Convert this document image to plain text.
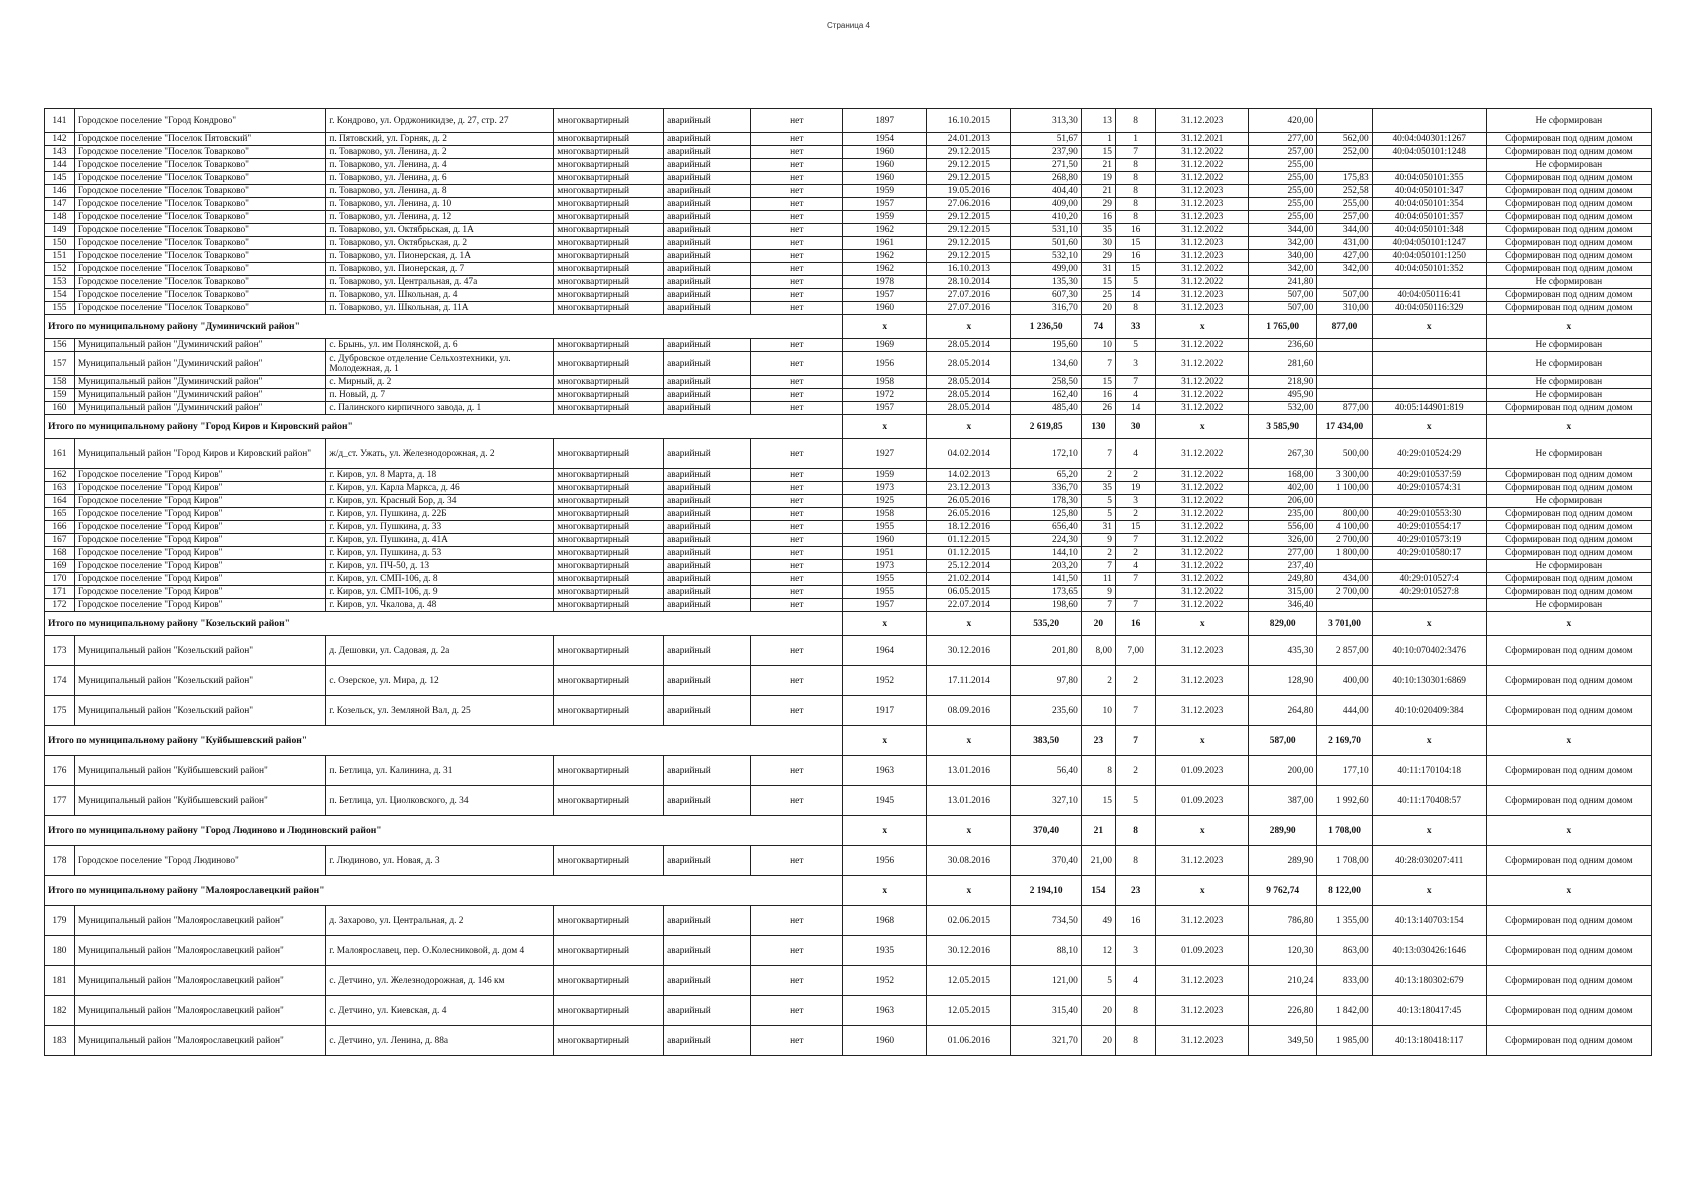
Страница 4
141	Городское поселение "Город Кондрово"	г. Кондрово, ул. Орджоникидзе, д. 27, стр. 27	многоквартирный	аварийный	нет	1897	16.10.2015	313,30	13	8	31.12.2023	420,00			Не сформирован
142	Городское поселение "Поселок Пятовский"	п. Пятовский, ул. Горняк, д. 2	многоквартирный	аварийный	нет	1954	24.01.2013	51,67	1	1	31.12.2021	277,00	562,00	40:04:040301:1267	Сформирован под одним домом
143	Городское поселение "Поселок Товарково"	п. Товарково, ул. Ленина, д. 2	многоквартирный	аварийный	нет	1960	29.12.2015	237,90	15	7	31.12.2022	257,00	252,00	40:04:050101:1248	Сформирован под одним домом
144	Городское поселение "Поселок Товарково"	п. Товарково, ул. Ленина, д. 4	многоквартирный	аварийный	нет	1960	29.12.2015	271,50	21	8	31.12.2022	255,00			Не сформирован
145	Городское поселение "Поселок Товарково"	п. Товарково, ул. Ленина, д. 6	многоквартирный	аварийный	нет	1960	29.12.2015	268,80	19	8	31.12.2022	255,00	175,83	40:04:050101:355	Сформирован под одним домом
146	Городское поселение "Поселок Товарково"	п. Товарково, ул. Ленина, д. 8	многоквартирный	аварийный	нет	1959	19.05.2016	404,40	21	8	31.12.2023	255,00	252,58	40:04:050101:347	Сформирован под одним домом
147	Городское поселение "Поселок Товарково"	п. Товарково, ул. Ленина, д. 10	многоквартирный	аварийный	нет	1957	27.06.2016	409,00	29	8	31.12.2023	255,00	255,00	40:04:050101:354	Сформирован под одним домом
148	Городское поселение "Поселок Товарково"	п. Товарково, ул. Ленина, д. 12	многоквартирный	аварийный	нет	1959	29.12.2015	410,20	16	8	31.12.2023	255,00	257,00	40:04:050101:357	Сформирован под одним домом
149	Городское поселение "Поселок Товарково"	п. Товарково, ул. Октябрьская, д. 1А	многоквартирный	аварийный	нет	1962	29.12.2015	531,10	35	16	31.12.2022	344,00	344,00	40:04:050101:348	Сформирован под одним домом
150	Городское поселение "Поселок Товарково"	п. Товарково, ул. Октябрьская, д. 2	многоквартирный	аварийный	нет	1961	29.12.2015	501,60	30	15	31.12.2023	342,00	431,00	40:04:050101:1247	Сформирован под одним домом
151	Городское поселение "Поселок Товарково"	п. Товарково, ул. Пионерская, д. 1А	многоквартирный	аварийный	нет	1962	29.12.2015	532,10	29	16	31.12.2023	340,00	427,00	40:04:050101:1250	Сформирован под одним домом
152	Городское поселение "Поселок Товарково"	п. Товарково, ул. Пионерская, д. 7	многоквартирный	аварийный	нет	1962	16.10.2013	499,00	31	15	31.12.2022	342,00	342,00	40:04:050101:352	Сформирован под одним домом
153	Городское поселение "Поселок Товарково"	п. Товарково, ул. Центральная, д. 47а	многоквартирный	аварийный	нет	1978	28.10.2014	135,30	15	5	31.12.2022	241,80			Не сформирован
154	Городское поселение "Поселок Товарково"	п. Товарково, ул. Школьная, д. 4	многоквартирный	аварийный	нет	1957	27.07.2016	607,30	25	14	31.12.2023	507,00	507,00	40:04:050116:41	Сформирован под одним домом
155	Городское поселение "Поселок Товарково"	п. Товарково, ул. Школьная, д. 11А	многоквартирный	аварийный	нет	1960	27.07.2016	316,70	20	8	31.12.2023	507,00	310,00	40:04:050116:329	Сформирован под одним домом
Итого по муниципальному району "Думиничский район"						х	х	1 236,50	74	33	х	1 765,00	877,00	х	х
156	Муниципальный район "Думиничский район"	с. Брынь, ул. им Полянской, д. 6	многоквартирный	аварийный	нет	1969	28.05.2014	195,60	10	5	31.12.2022	236,60			Не сформирован
157	Муниципальный район "Думиничский район"	с. Дубровское отделение Сельхозтехники, ул. Молодежная, д. 1	многоквартирный	аварийный	нет	1956	28.05.2014	134,60	7	3	31.12.2022	281,60			Не сформирован
158	Муниципальный район "Думиничский район"	с. Мирный, д. 2	многоквартирный	аварийный	нет	1958	28.05.2014	258,50	15	7	31.12.2022	218,90			Не сформирован
159	Муниципальный район "Думиничский район"	п. Новый, д. 7	многоквартирный	аварийный	нет	1972	28.05.2014	162,40	16	4	31.12.2022	495,90			Не сформирован
160	Муниципальный район "Думиничский район"	с. Палинского кирпичного завода, д. 1	многоквартирный	аварийный	нет	1957	28.05.2014	485,40	26	14	31.12.2022	532,00	877,00	40:05:144901:819	Сформирован под одним домом
Итого по муниципальному району "Город Киров и Кировский район"						х	х	2 619,85	130	30	х	3 585,90	17 434,00	х	х
161	Муниципальный район "Город Киров и Кировский район"	ж/д_ст. Ужать, ул. Железнодорожная, д. 2	многоквартирный	аварийный	нет	1927	04.02.2014	172,10	7	4	31.12.2022	267,30	500,00	40:29:010524:29	Не сформирован
162	Городское поселение "Город Киров"	г. Киров, ул. 8 Марта, д. 18	многоквартирный	аварийный	нет	1959	14.02.2013	65,20	2	2	31.12.2022	168,00	3 300,00	40:29:010537:59	Сформирован под одним домом
163	Городское поселение "Город Киров"	г. Киров, ул. Карла Маркса, д. 46	многоквартирный	аварийный	нет	1973	23.12.2013	336,70	35	19	31.12.2022	402,00	1 100,00	40:29:010574:31	Сформирован под одним домом
164	Городское поселение "Город Киров"	г. Киров, ул. Красный Бор, д. 34	многоквартирный	аварийный	нет	1925	26.05.2016	178,30	5	3	31.12.2022	206,00			Не сформирован
165	Городское поселение "Город Киров"	г. Киров, ул. Пушкина, д. 22Б	многоквартирный	аварийный	нет	1958	26.05.2016	125,80	5	2	31.12.2022	235,00	800,00	40:29:010553:30	Сформирован под одним домом
166	Городское поселение "Город Киров"	г. Киров, ул. Пушкина, д. 33	многоквартирный	аварийный	нет	1955	18.12.2016	656,40	31	15	31.12.2022	556,00	4 100,00	40:29:010554:17	Сформирован под одним домом
167	Городское поселение "Город Киров"	г. Киров, ул. Пушкина, д. 41А	многоквартирный	аварийный	нет	1960	01.12.2015	224,30	9	7	31.12.2022	326,00	2 700,00	40:29:010573:19	Сформирован под одним домом
168	Городское поселение "Город Киров"	г. Киров, ул. Пушкина, д. 53	многоквартирный	аварийный	нет	1951	01.12.2015	144,10	2	2	31.12.2022	277,00	1 800,00	40:29:010580:17	Сформирован под одним домом
169	Городское поселение "Город Киров"	г. Киров, ул. ПЧ-50, д. 13	многоквартирный	аварийный	нет	1973	25.12.2014	203,20	7	4	31.12.2022	237,40			Не сформирован
170	Городское поселение "Город Киров"	г. Киров, ул. СМП-106, д. 8	многоквартирный	аварийный	нет	1955	21.02.2014	141,50	11	7	31.12.2022	249,80	434,00	40:29:010527:4	Сформирован под одним домом
171	Городское поселение "Город Киров"	г. Киров, ул. СМП-106, д. 9	многоквартирный	аварийный	нет	1955	06.05.2015	173,65	9		31.12.2022	315,00	2 700,00	40:29:010527:8	Сформирован под одним домом
172	Городское поселение "Город Киров"	г. Киров, ул. Чкалова, д. 48	многоквартирный	аварийный	нет	1957	22.07.2014	198,60	7	7	31.12.2022	346,40			Не сформирован
Итого по муниципальному району "Козельский район"						х	х	535,20	20	16	х	829,00	3 701,00	х	х
173	Муниципальный район "Козельский район"	д. Дешовки, ул. Садовая, д. 2а	многоквартирный	аварийный	нет	1964	30.12.2016	201,80	8,00	7,00	31.12.2023	435,30	2 857,00	40:10:070402:3476	Сформирован под одним домом
174	Муниципальный район "Козельский район"	с. Озерское, ул. Мира, д. 12	многоквартирный	аварийный	нет	1952	17.11.2014	97,80	2	2	31.12.2023	128,90	400,00	40:10:130301:6869	Сформирован под одним домом
175	Муниципальный район "Козельский район"	г. Козельск, ул. Земляной Вал, д. 25	многоквартирный	аварийный	нет	1917	08.09.2016	235,60	10	7	31.12.2023	264,80	444,00	40:10:020409:384	Сформирован под одним домом
Итого по муниципальному району "Куйбышевский район"						х	х	383,50	23	7	х	587,00	2 169,70	х	х
176	Муниципальный район "Куйбышевский район"	п. Бетлица, ул. Калинина, д. 31	многоквартирный	аварийный	нет	1963	13.01.2016	56,40	8	2	01.09.2023	200,00	177,10	40:11:170104:18	Сформирован под одним домом
177	Муниципальный район "Куйбышевский район"	п. Бетлица, ул. Циолковского, д. 34	многоквартирный	аварийный	нет	1945	13.01.2016	327,10	15	5	01.09.2023	387,00	1 992,60	40:11:170408:57	Сформирован под одним домом
Итого по муниципальному району "Город Людиново и Людиновский район"						х	х	370,40	21	8	х	289,90	1 708,00	х	х
178	Городское поселение "Город Людиново"	г. Людиново, ул. Новая, д. 3	многоквартирный	аварийный	нет	1956	30.08.2016	370,40	21,00	8	31.12.2023	289,90	1 708,00	40:28:030207:411	Сформирован под одним домом
Итого по муниципальному району "Малоярославецкий район"						х	х	2 194,10	154	23	х	9 762,74	8 122,00	х	х
179	Муниципальный район "Малоярославецкий район"	д. Захарово, ул. Центральная, д. 2	многоквартирный	аварийный	нет	1968	02.06.2015	734,50	49	16	31.12.2023	786,80	1 355,00	40:13:140703:154	Сформирован под одним домом
180	Муниципальный район "Малоярославецкий район"	г. Малоярославец, пер. О.Колесниковой, д. дом 4	многоквартирный	аварийный	нет	1935	30.12.2016	88,10	12	3	01.09.2023	120,30	863,00	40:13:030426:1646	Сформирован под одним домом
181	Муниципальный район "Малоярославецкий район"	с. Детчино, ул. Железнодорожная, д. 146 км	многоквартирный	аварийный	нет	1952	12.05.2015	121,00	5	4	31.12.2023	210,24	833,00	40:13:180302:679	Сформирован под одним домом
182	Муниципальный район "Малоярославецкий район"	с. Детчино, ул. Киевская, д. 4	многоквартирный	аварийный	нет	1963	12.05.2015	315,40	20	8	31.12.2023	226,80	1 842,00	40:13:180417:45	Сформирован под одним домом
183	Муниципальный район "Малоярославецкий район"	с. Детчино, ул. Ленина, д. 88а	многоквартирный	аварийный	нет	1960	01.06.2016	321,70	20	8	31.12.2023	349,50	1 985,00	40:13:180418:117	Сформирован под одним домом
